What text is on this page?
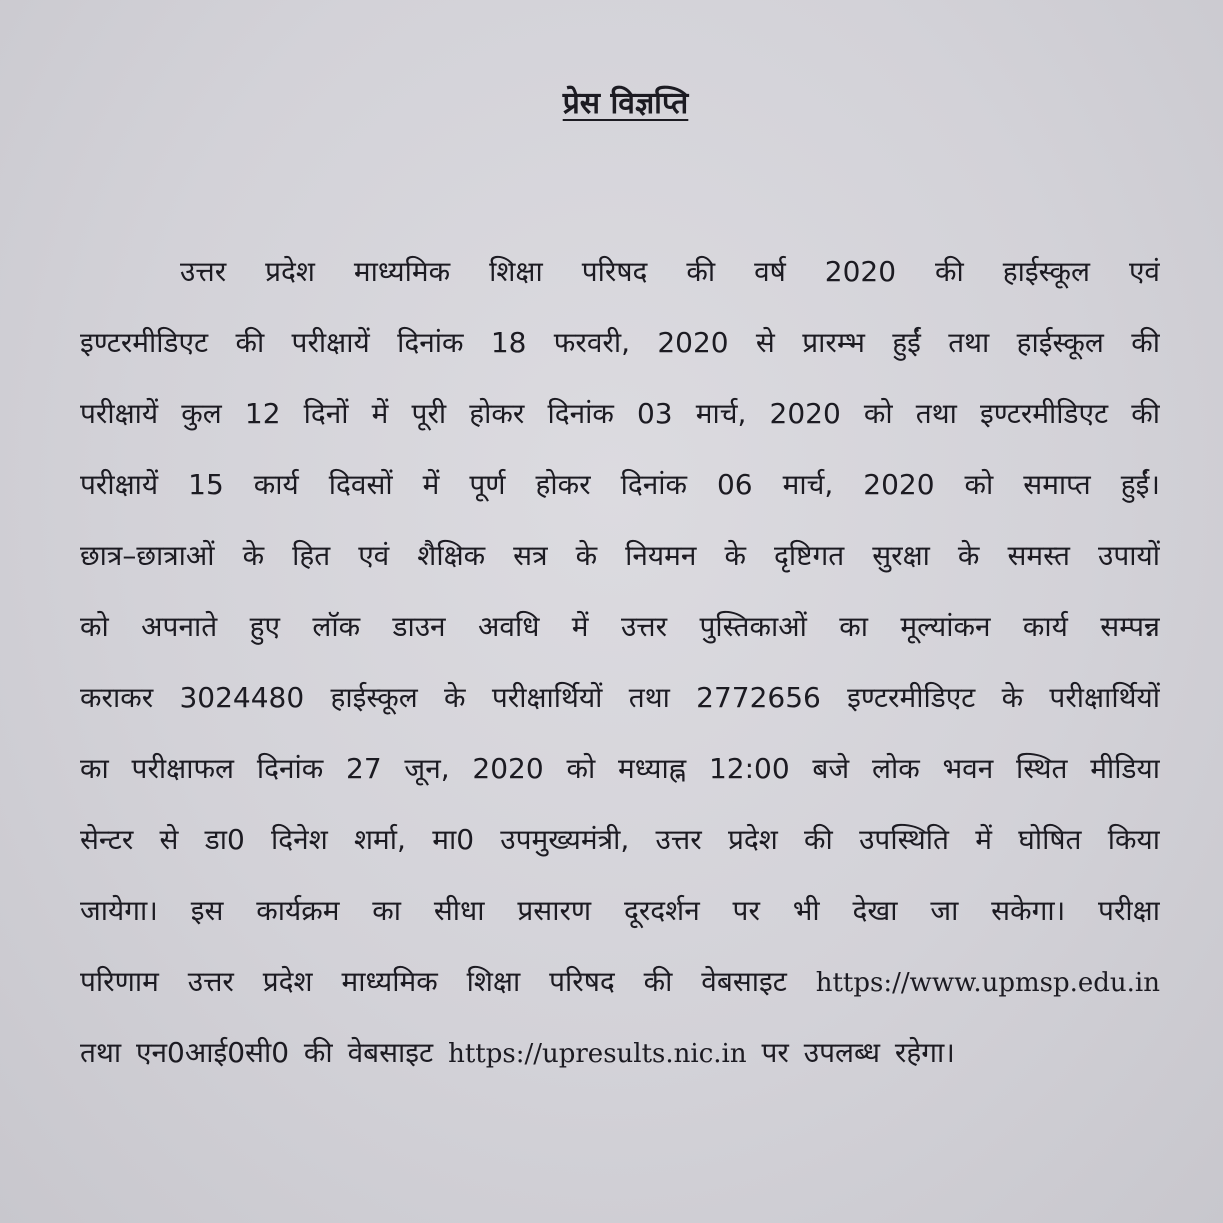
प्रेस विज्ञप्ति
उत्तर प्रदेश माध्यमिक शिक्षा परिषद की वर्ष 2020 की हाईस्कूल एवं
इण्टरमीडिएट की परीक्षायें दिनांक 18 फरवरी, 2020 से प्रारम्भ हुईं तथा हाईस्कूल की
परीक्षायें कुल 12 दिनों में पूरी होकर दिनांक 03 मार्च, 2020 को तथा इण्टरमीडिएट की
परीक्षायें 15 कार्य दिवसों में पूर्ण होकर दिनांक 06 मार्च, 2020 को समाप्त हुईं।
छात्र–छात्राओं के हित एवं शैक्षिक सत्र के नियमन के दृष्टिगत सुरक्षा के समस्त उपायों
को अपनाते हुए लॉक डाउन अवधि में उत्तर पुस्तिकाओं का मूल्यांकन कार्य सम्पन्न
कराकर 3024480 हाईस्कूल के परीक्षार्थियों तथा 2772656 इण्टरमीडिएट के परीक्षार्थियों
का परीक्षाफल दिनांक 27 जून, 2020 को मध्याह्न 12:00 बजे लोक भवन स्थित मीडिया
सेन्टर से डा0 दिनेश शर्मा, मा0 उपमुख्यमंत्री, उत्तर प्रदेश की उपस्थिति में घोषित किया
जायेगा। इस कार्यक्रम का सीधा प्रसारण दूरदर्शन पर भी देखा जा सकेगा। परीक्षा
परिणाम उत्तर प्रदेश माध्यमिक शिक्षा परिषद की वेबसाइट https://www.upmsp.edu.in
तथा एन0आई0सी0 की वेबसाइट https://upresults.nic.in पर उपलब्ध रहेगा।
